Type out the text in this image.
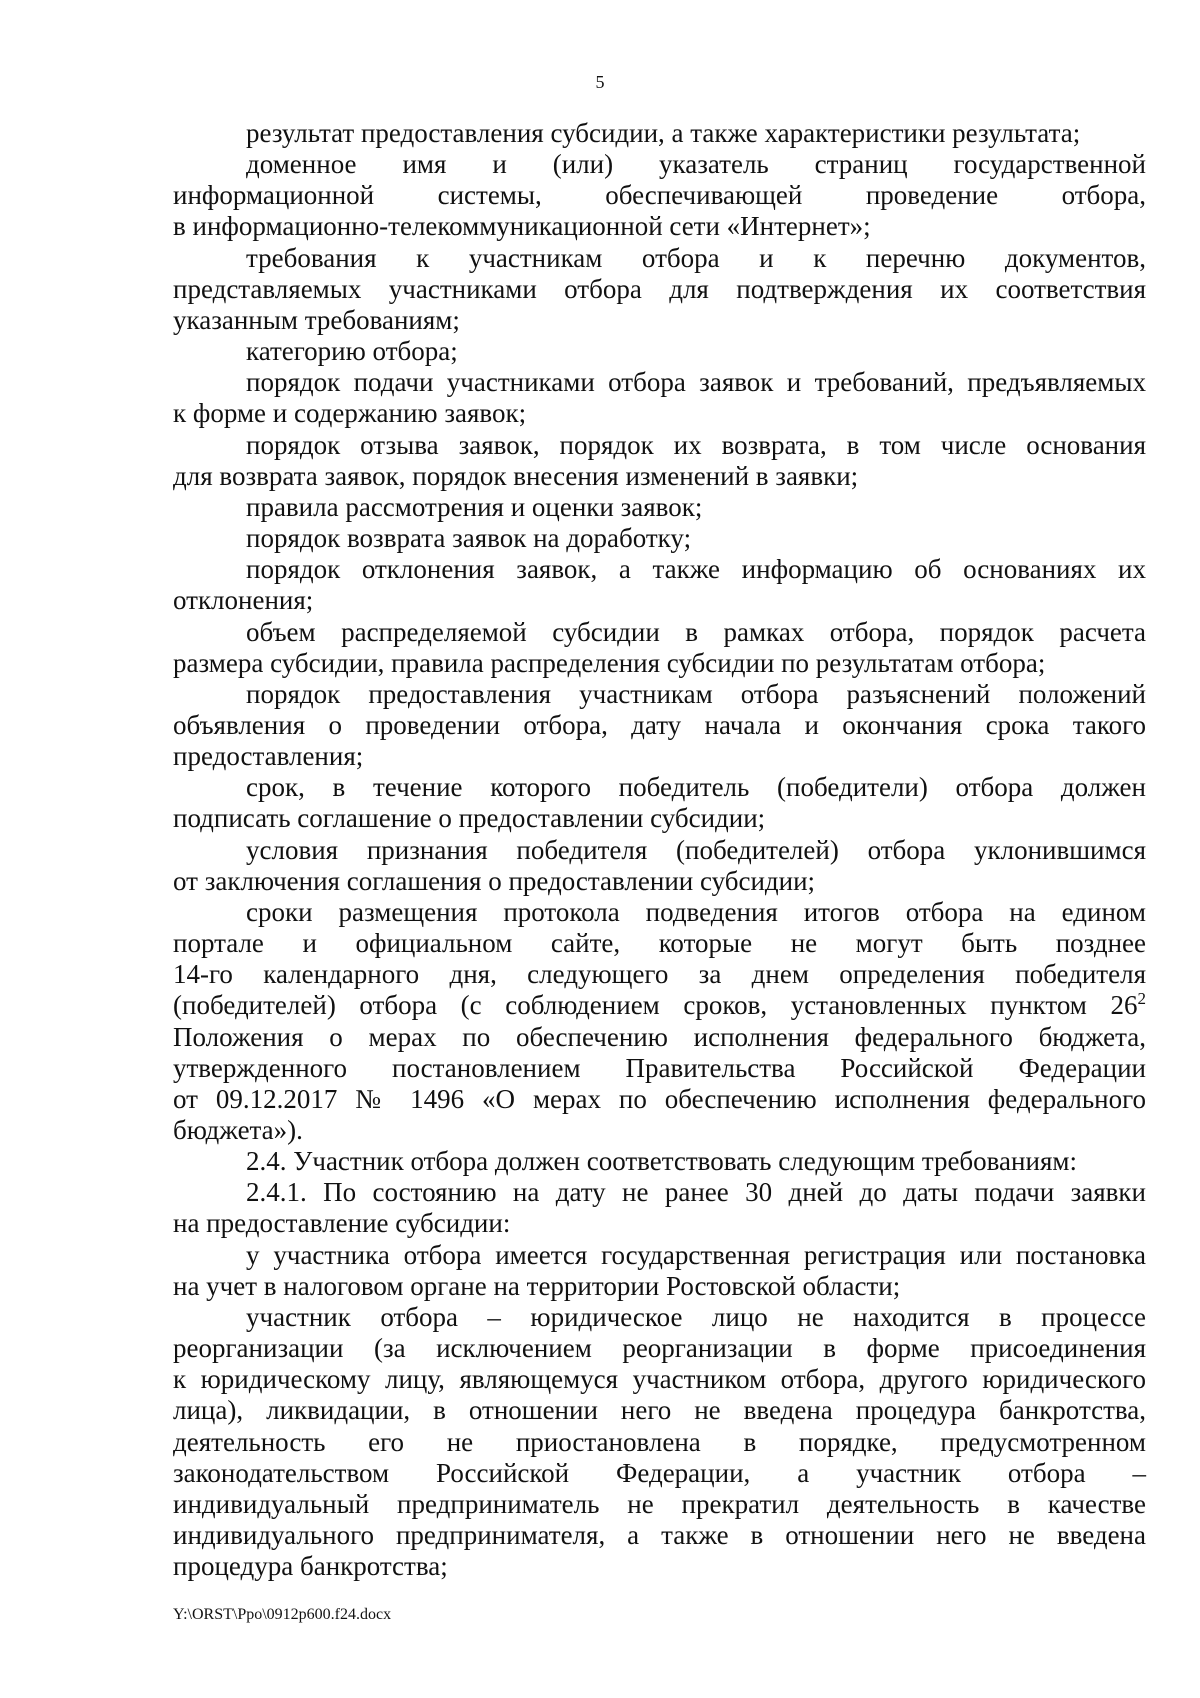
5

результат предоставления субсидии, а также характеристики результата;

доменное имя и (или) указатель страниц государственной
информационной системы, обеспечивающей проведение отбора,
в информационно-телекоммуникационной сети «Интернет»;

требования к участникам отбора и к перечню документов,
представляемых участниками отбора для подтверждения их соответствия
указанным требованиям;

категорию отбора;

порядок подачи участниками отбора заявок и требований, предъявляемых
к форме и содержанию заявок;

порядок отзыва заявок, порядок их возврата, в том числе основания
для возврата заявок, порядок внесения изменений в заявки;

правила рассмотрения и оценки заявок;

порядок возврата заявок на доработку;

порядок отклонения заявок, а также информацию об основаниях их
отклонения;

объем распределяемой субсидии в рамках отбора, порядок расчета
размера субсидии, правила распределения субсидии по результатам отбора;

порядок предоставления участникам отбора разъяснений положений
объявления о проведении отбора, дату начала и окончания срока такого
предоставления;

срок, в течение которого победитель (победители) отбора должен
подписать соглашение о предоставлении субсидии;

условия признания победителя (победителей) отбора уклонившимся
от заключения соглашения о предоставлении субсидии;

сроки размещения протокола подведения итогов отбора на едином
портале и официальном сайте, которые не могут быть позднее
14-го календарного дня, следующего за днем определения победителя
(победителей) отбора (с соблюдением сроков, установленных пунктом $26^2$
Положения о мерах по обеспечению исполнения федерального бюджета,
утвержденного постановлением Правительства Российской Федерации
от 09.12.2017 № 1496 «О мерах по обеспечению исполнения федерального
бюджета»).

2.4. Участник отбора должен соответствовать следующим требованиям:

2.4.1. По состоянию на дату не ранее 30 дней до даты подачи заявки
на предоставление субсидии:

у участника отбора имеется государственная регистрация или постановка
на учет в налоговом органе на территории Ростовской области;

участник отбора – юридическое лицо не находится в процессе
реорганизации (за исключением реорганизации в форме присоединения
к юридическому лицу, являющемуся участником отбора, другого юридического
лица), ликвидации, в отношении него не введена процедура банкротства,
деятельность его не приостановлена в порядке, предусмотренном
законодательством Российской Федерации, а участник отбора –
индивидуальный предприниматель не прекратил деятельность в качестве
индивидуального предпринимателя, а также в отношении него не введена
процедура банкротства;

Y:\ORST\Ppo\0912p600.f24.docx
